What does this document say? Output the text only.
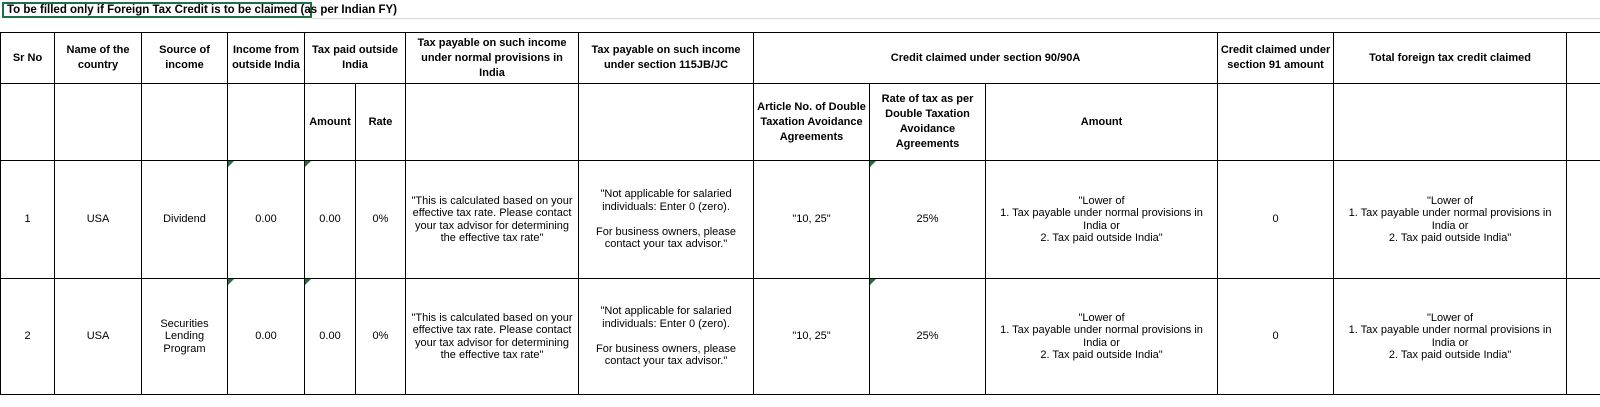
To be filled only if Foreign Tax Credit is to be claimed (as per Indian FY)
Sr No	Name of the country	Source of income	Income from outside India	Tax paid outside India		Tax payable on such income under normal provisions in India	Tax payable on such income under section 115JB/JC	Credit claimed under section 90/90A			Credit claimed under section 91 amount	Total foreign tax credit claimed	
				Amount	Rate			Article No. of Double Taxation Avoidance Agreements	Rate of tax as per Double Taxation Avoidance Agreements	Amount			
1	USA	Dividend	0.00	0.00	0%	"This is calculated based on your effective tax rate. Please contact your tax advisor for determining the effective tax rate"	"Not applicable for salaried individuals: Enter 0 (zero).

For business owners, please contact your tax advisor."	"10, 25"	25%	"Lower of
1. Tax payable under normal provisions in India or
2. Tax paid outside India"	0	"Lower of
1. Tax payable under normal provisions in India or
2. Tax paid outside India"	
2	USA	Securities Lending Program	0.00	0.00	0%	"This is calculated based on your effective tax rate. Please contact your tax advisor for determining the effective tax rate"	"Not applicable for salaried individuals: Enter 0 (zero).

For business owners, please contact your tax advisor."	"10, 25"	25%	"Lower of
1. Tax payable under normal provisions in India or
2. Tax paid outside India"	0	"Lower of
1. Tax payable under normal provisions in India or
2. Tax paid outside India"	
